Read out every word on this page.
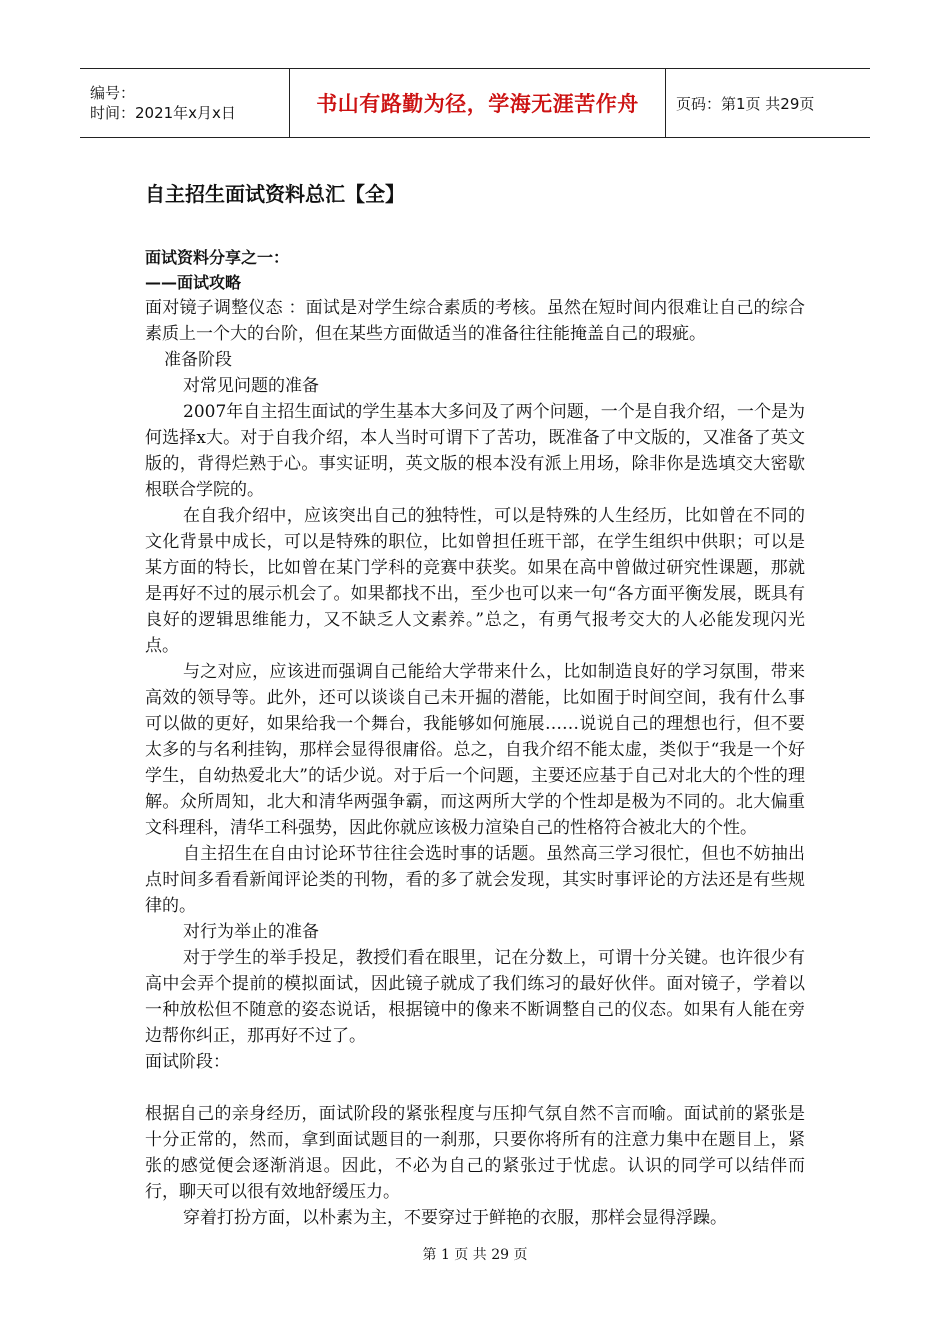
编号：
时间：2021年x月x日	书山有路勤为径，学海无涯苦作舟	页码：第1页 共29页
自主招生面试资料总汇【全】
面试资料分享之一：
——面试攻略

面对镜子调整仪态 ：面试是对学生综合素质的考核。虽然在短时间内很难让自己的综合素质上一个大的台阶，但在某些方面做适当的准备往往能掩盖自己的瑕疵。

准备阶段

对常见问题的准备

2007年自主招生面试的学生基本大多问及了两个问题，一个是自我介绍，一个是为何选择x大。对于自我介绍，本人当时可谓下了苦功，既准备了中文版的，又准备了英文版的，背得烂熟于心。事实证明，英文版的根本没有派上用场，除非你是选填交大密歇根联合学院的。

在自我介绍中，应该突出自己的独特性，可以是特殊的人生经历，比如曾在不同的文化背景中成长，可以是特殊的职位，比如曾担任班干部，在学生组织中供职；可以是某方面的特长，比如曾在某门学科的竞赛中获奖。如果在高中曾做过研究性课题，那就是再好不过的展示机会了。如果都找不出，至少也可以来一句“各方面平衡发展，既具有良好的逻辑思维能力，又不缺乏人文素养。”总之，有勇气报考交大的人必能发现闪光点。

与之对应，应该进而强调自己能给大学带来什么，比如制造良好的学习氛围，带来高效的领导等。此外，还可以谈谈自己未开掘的潜能，比如囿于时间空间，我有什么事可以做的更好，如果给我一个舞台，我能够如何施展……说说自己的理想也行，但不要太多的与名利挂钩，那样会显得很庸俗。总之，自我介绍不能太虚，类似于“我是一个好学生，自幼热爱北大”的话少说。对于后一个问题，主要还应基于自己对北大的个性的理解。众所周知，北大和清华两强争霸，而这两所大学的个性却是极为不同的。北大偏重文科理科，清华工科强势，因此你就应该极力渲染自己的性格符合被北大的个性。

自主招生在自由讨论环节往往会选时事的话题。虽然高三学习很忙，但也不妨抽出点时间多看看新闻评论类的刊物，看的多了就会发现，其实时事评论的方法还是有些规律的。

对行为举止的准备

对于学生的举手投足，教授们看在眼里，记在分数上，可谓十分关键。也许很少有高中会弄个提前的模拟面试，因此镜子就成了我们练习的最好伙伴。面对镜子，学着以一种放松但不随意的姿态说话，根据镜中的像来不断调整自己的仪态。如果有人能在旁边帮你纠正，那再好不过了。

面试阶段：

根据自己的亲身经历，面试阶段的紧张程度与压抑气氛自然不言而喻。面试前的紧张是十分正常的，然而，拿到面试题目的一刹那，只要你将所有的注意力集中在题目上，紧张的感觉便会逐渐消退。因此，不必为自己的紧张过于忧虑。认识的同学可以结伴而行，聊天可以很有效地舒缓压力。

穿着打扮方面，以朴素为主，不要穿过于鲜艳的衣服，那样会显得浮躁。

第 1 页 共 29 页
